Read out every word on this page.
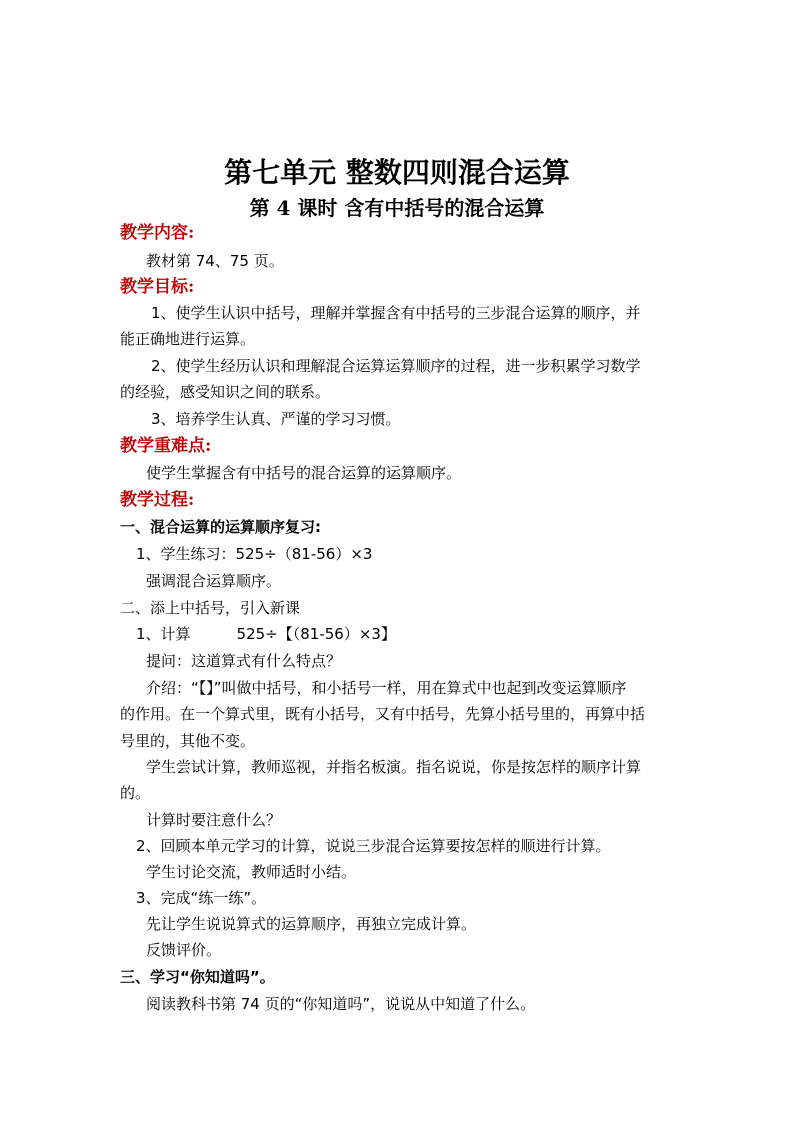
第七单元 整数四则混合运算
第 4 课时 含有中括号的混合运算
教学内容:
教材第 74、75 页。
教学目标:
1、使学生认识中括号，理解并掌握含有中括号的三步混合运算的顺序，并
能正确地进行运算。
2、使学生经历认识和理解混合运算运算顺序的过程，进一步积累学习数学
的经验，感受知识之间的联系。
3、培养学生认真、严谨的学习习惯。
教学重难点:
使学生掌握含有中括号的混合运算的运算顺序。
教学过程:
一、混合运算的运算顺序复习:
1、学生练习：525÷（81-56）×3
强调混合运算顺序。
二、添上中括号，引入新课
1、计算	525÷【（81-56）×3】
提问：这道算式有什么特点？
介绍：“【】”叫做中括号，和小括号一样，用在算式中也起到改变运算顺序
的作用。在一个算式里，既有小括号，又有中括号，先算小括号里的，再算中括
号里的，其他不变。
学生尝试计算，教师巡视，并指名板演。指名说说，你是按怎样的顺序计算
的。
计算时要注意什么？
2、回顾本单元学习的计算，说说三步混合运算要按怎样的顺进行计算。
学生讨论交流，教师适时小结。
3、完成“练一练”。
先让学生说说算式的运算顺序，再独立完成计算。
反馈评价。
三、学习“你知道吗”。
阅读教科书第 74 页的“你知道吗”，说说从中知道了什么。
